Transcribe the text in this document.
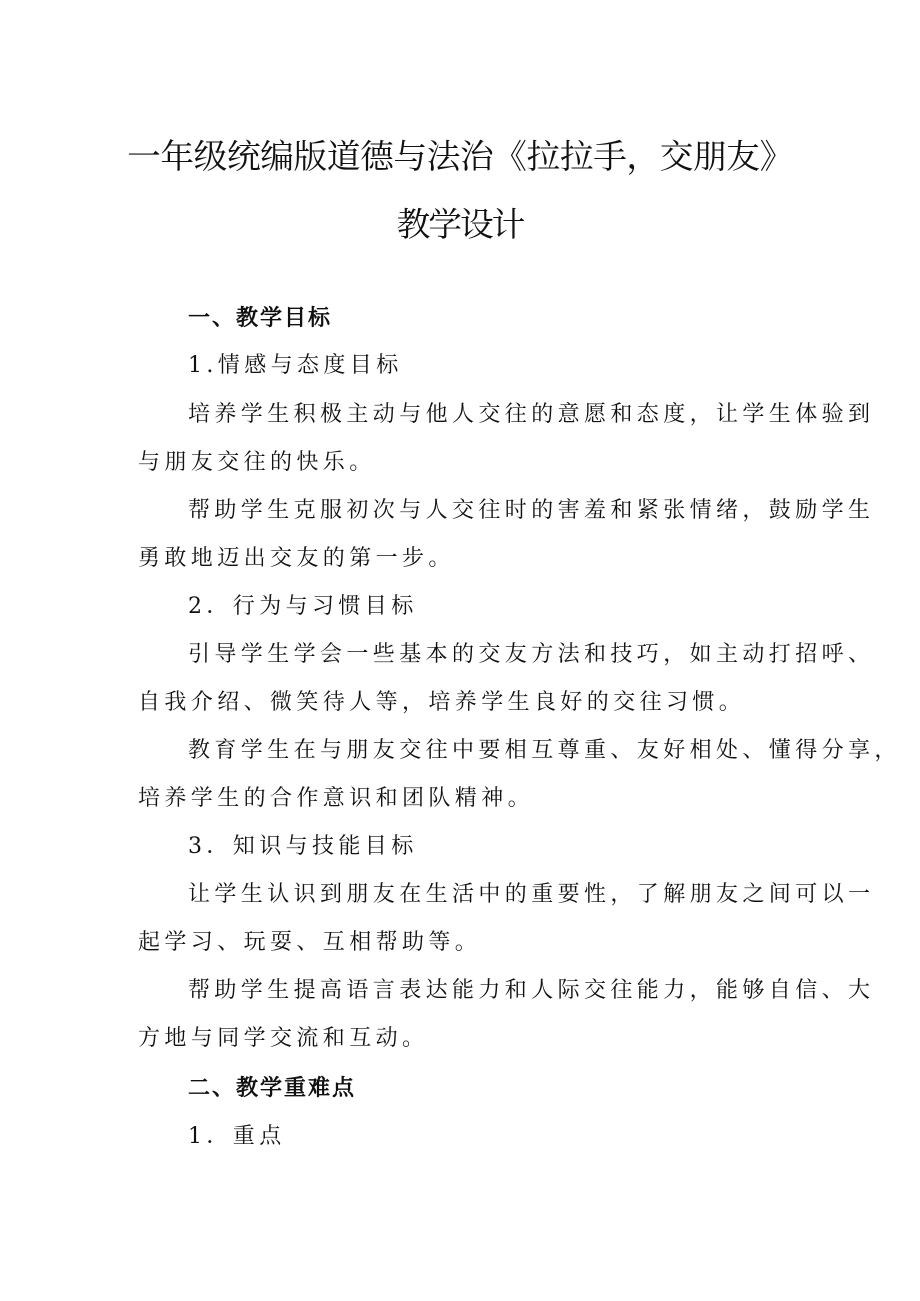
一年级统编版道德与法治《拉拉手，交朋友》
教学设计
一、教学目标
1.情感与态度目标
培养学生积极主动与他人交往的意愿和态度，让学生体验到
与朋友交往的快乐。
帮助学生克服初次与人交往时的害羞和紧张情绪，鼓励学生
勇敢地迈出交友的第一步。
2．行为与习惯目标
引导学生学会一些基本的交友方法和技巧，如主动打招呼、
自我介绍、微笑待人等，培养学生良好的交往习惯。
教育学生在与朋友交往中要相互尊重、友好相处、懂得分享，
培养学生的合作意识和团队精神。
3．知识与技能目标
让学生认识到朋友在生活中的重要性，了解朋友之间可以一
起学习、玩耍、互相帮助等。
帮助学生提高语言表达能力和人际交往能力，能够自信、大
方地与同学交流和互动。
二、教学重难点
1．重点
